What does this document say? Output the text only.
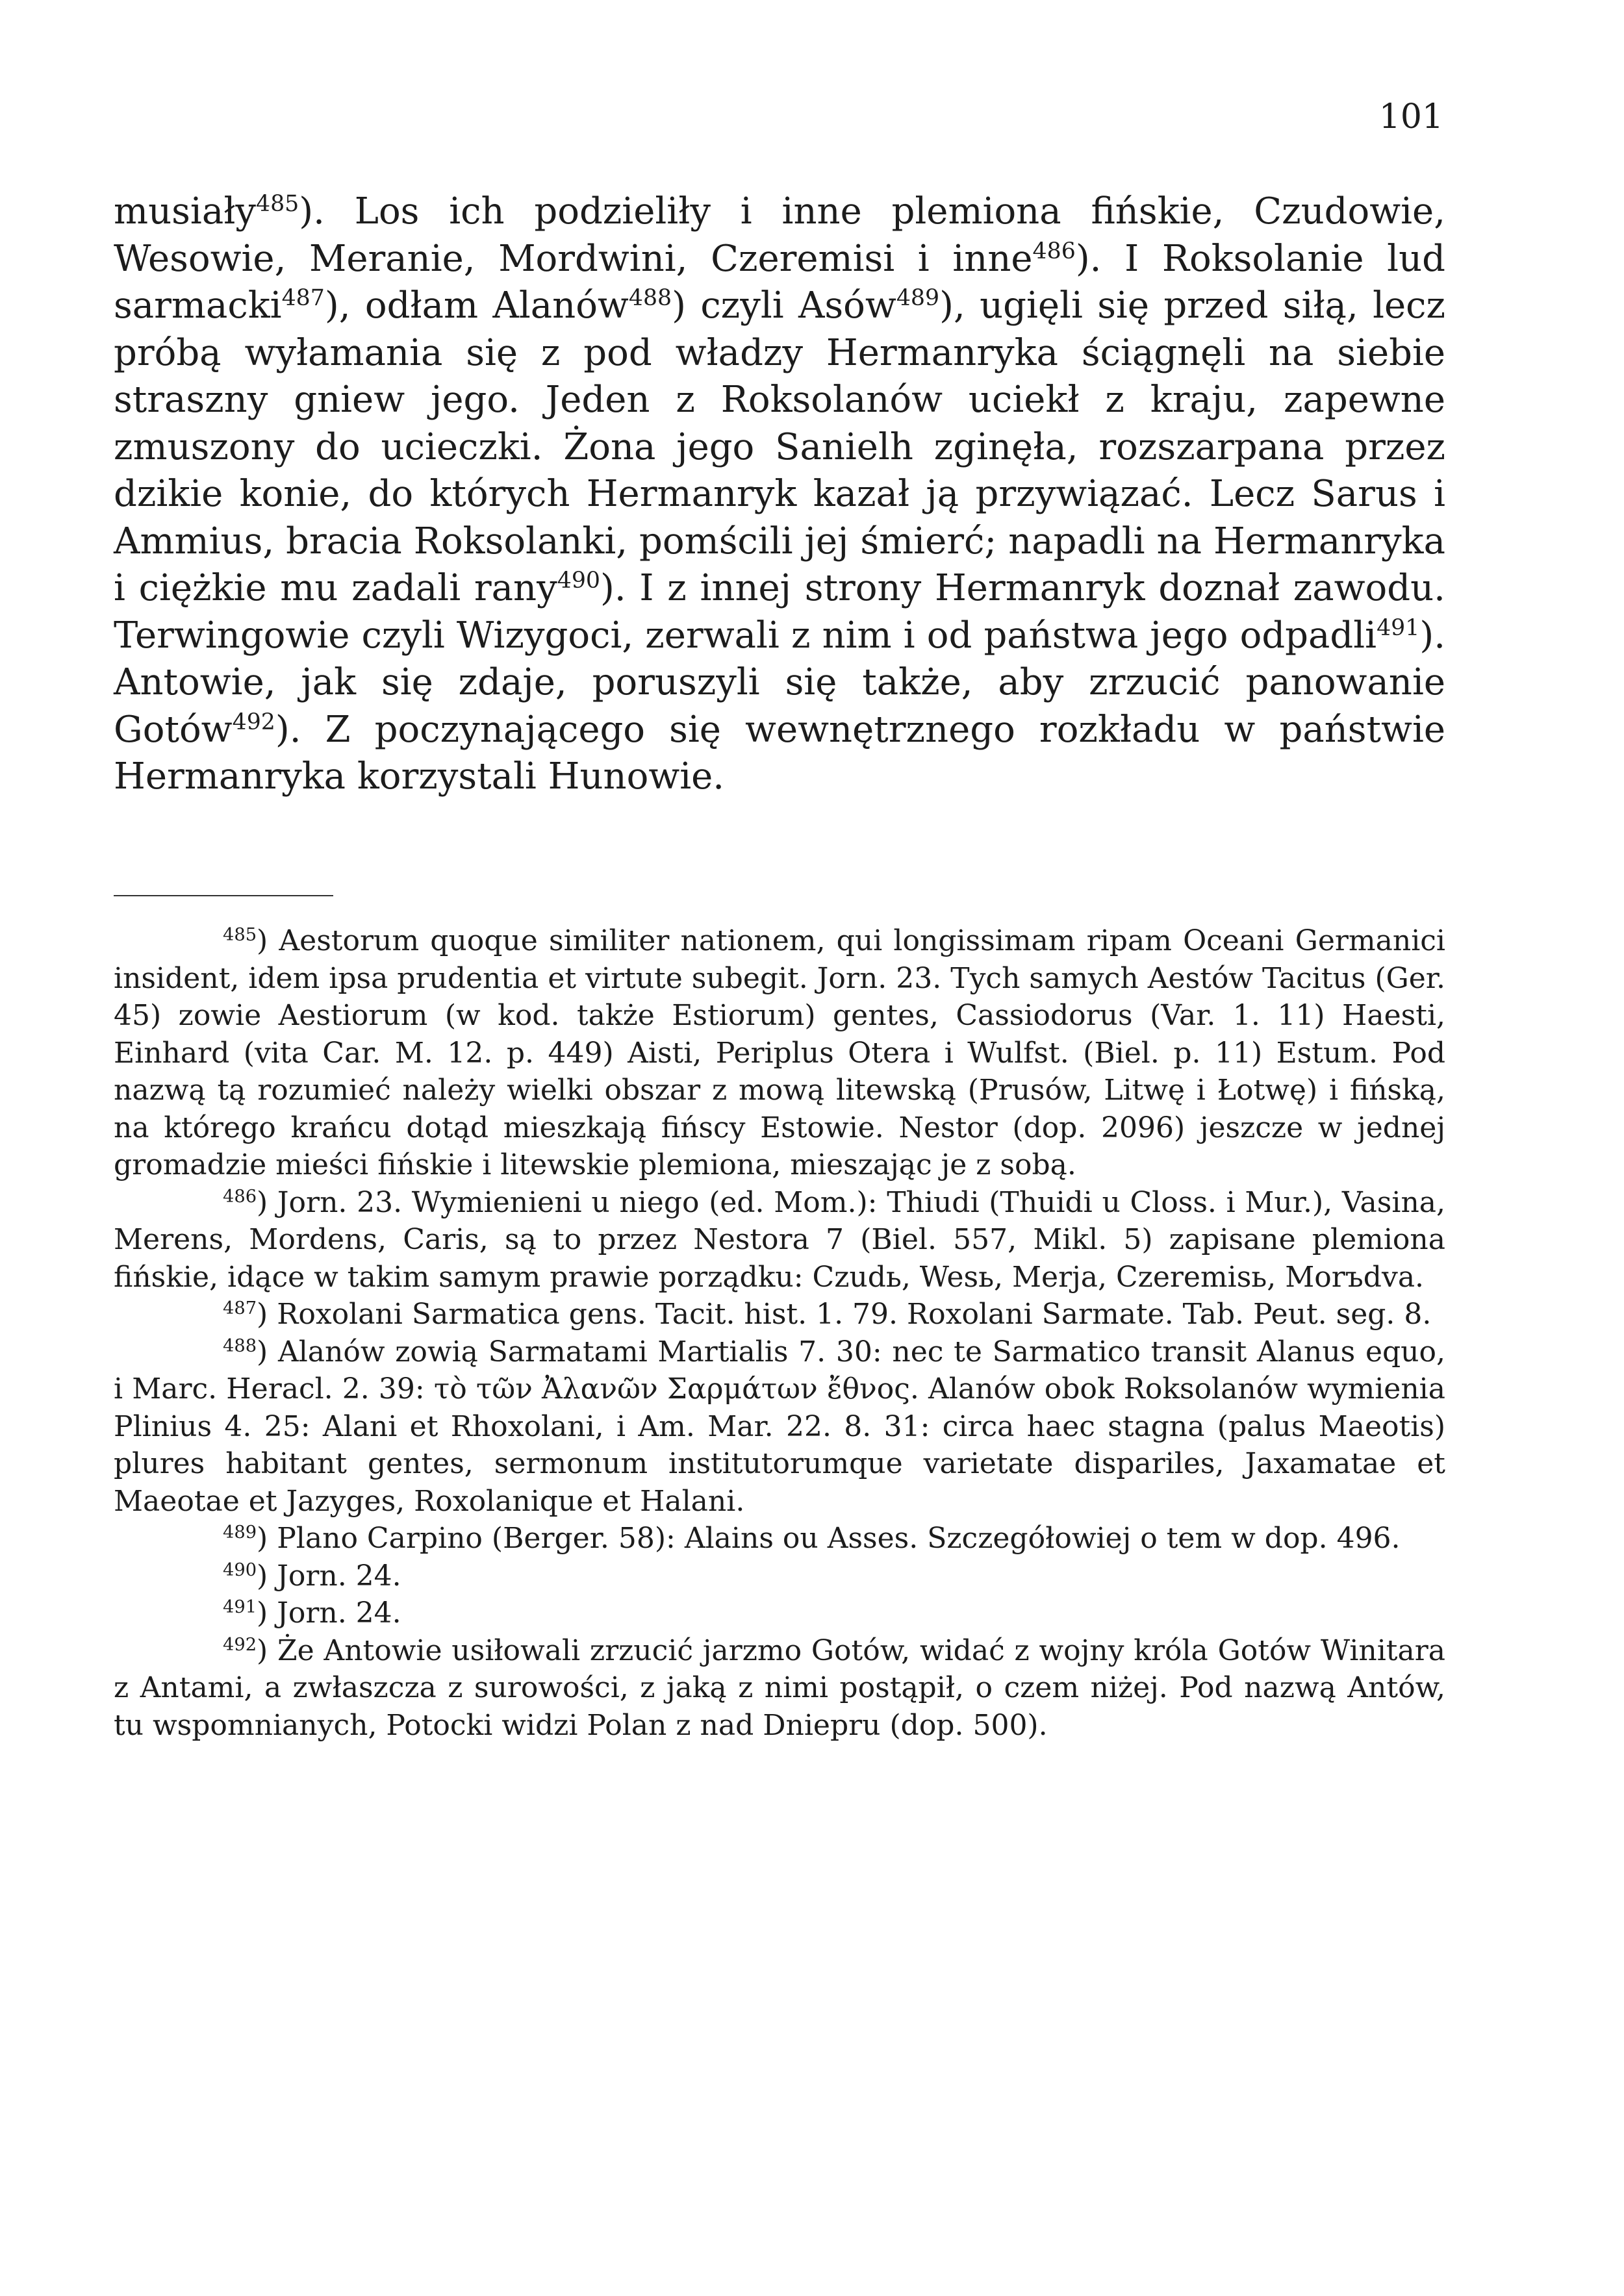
101

musiały$^{485}$). Los ich podzieliły i inne plemiona fińskie, Czudowie, Wesowie, Meranie, Mordwini, Czeremisi i inne$^{486}$). I Roksolanie lud sarmacki$^{487}$), odłam Alanów$^{488}$) czyli Asów$^{489}$), ugięli się przed siłą, lecz próbą wyłamania się z pod władzy Hermanryka ściągnęli na siebie straszny gniew jego. Jeden z Roksolanów uciekł z kraju, zapewne zmuszony do ucieczki. Żona jego Sanielh zginęła, rozszarpana przez dzikie konie, do których Hermanryk kazał ją przywiązać. Lecz Sarus i Ammius, bracia Roksolanki, pomścili jej śmierć; napadli na Hermanryka i ciężkie mu zadali rany$^{490}$). I z innej strony Hermanryk doznał zawodu. Terwingowie czyli Wizygoci, zerwali z nim i od państwa jego odpadli$^{491}$). Antowie, jak się zdaje, poruszyli się także, aby zrzucić panowanie Gotów$^{492}$). Z poczynającego się wewnętrznego rozkładu w państwie Hermanryka korzystali Hunowie.

$^{485}$) Aestorum quoque similiter nationem, qui longissimam ripam Oceani Germanici insident, idem ipsa prudentia et virtute subegit. Jorn. 23. Tych samych Aestów Tacitus (Ger. 45) zowie Aestiorum (w kod. także Estiorum) gentes, Cassiodorus (Var. 1. 11) Haesti, Einhard (vita Car. M. 12. p. 449) Aisti, Periplus Otera i Wulfst. (Biel. p. 11) Estum. Pod nazwą tą rozumieć należy wielki obszar z mową litewską (Prusów, Litwę i Łotwę) i fińską, na którego krańcu dotąd mieszkają fińscy Estowie. Nestor (dop. 2096) jeszcze w jednej gromadzie mieści fińskie i litewskie plemiona, mieszając je z sobą.

$^{486}$) Jorn. 23. Wymienieni u niego (ed. Mom.): Thiudi (Thuidi u Closs. i Mur.), Vasina, Merens, Mordens, Caris, są to przez Nestora 7 (Biel. 557, Mikl. 5) zapisane plemiona fińskie, idące w takim samym prawie porządku: Czudь, Wesь, Merja, Czeremisь, Morъdva.

$^{487}$) Roxolani Sarmatica gens. Tacit. hist. 1. 79. Roxolani Sarmate. Tab. Peut. seg. 8.

$^{488}$) Alanów zowią Sarmatami Martialis 7. 30: nec te Sarmatico transit Alanus equo, i Marc. Heracl. 2. 39: τὸ τῶν Ἀλανῶν Σαρμάτων ἔθνος. Alanów obok Roksolanów wymienia Plinius 4. 25: Alani et Rhoxolani, i Am. Mar. 22. 8. 31: circa haec stagna (palus Maeotis) plures habitant gentes, sermonum institutorumque varietate dispariles, Jaxamatae et Maeotae et Jazyges, Roxolanique et Halani.

$^{489}$) Plano Carpino (Berger. 58): Alains ou Asses. Szczegółowiej o tem w dop. 496.

$^{490}$) Jorn. 24.

$^{491}$) Jorn. 24.

$^{492}$) Że Antowie usiłowali zrzucić jarzmo Gotów, widać z wojny króla Gotów Winitara z Antami, a zwłaszcza z surowości, z jaką z nimi postąpił, o czem niżej. Pod nazwą Antów, tu wspomnianych, Potocki widzi Polan z nad Dniepru (dop. 500).
